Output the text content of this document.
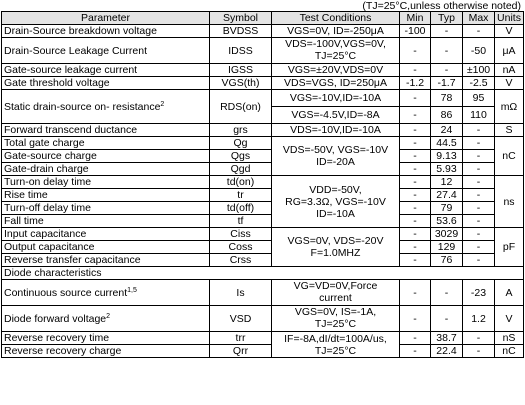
(TJ=25°C,unless otherwise noted)
Parameter	Symbol	Test Conditions	Min	Typ	Max	Units
Drain-Source breakdown voltage	BVDSS	VGS=0V, ID=-250μA	-100	-	-	V
Drain-Source Leakage Current	IDSS	VDS=-100V,VGS=0V,
TJ=25°C	-	-	-50	μA
Gate-source leakage current	IGSS	VGS=±20V,VDS=0V	-	-	±100	nA
Gate threshold voltage	VGS(th)	VDS=VGS, ID=250μA	-1.2	-1.7	-2.5	V
Static drain-source on- resistance$^2$	RDS(on)	VGS=-10V,ID=-10A	-	78	95	mΩ
		VGS=-4.5V,ID=-8A	-	86	110	
Forward transcend ductance	grs	VDS=-10V,ID=-10A	-	24	-	S
Total gate charge	Qg	VDS=-50V, VGS=-10V
ID=-20A	-	44.5	-	nC
Gate-source charge	Qgs		-	9.13	-	
Gate-drain charge	Qgd		-	5.93	-	
Turn-on delay time	td(on)	VDD=-50V,
RG=3.3Ω, VGS=-10V
ID=-10A	-	12	-	ns
Rise time	tr		-	27.4	-	
Turn-off delay time	td(off)		-	79	-	
Fall time	tf		-	53.6	-	
Input capacitance	Ciss	VGS=0V, VDS=-20V
F=1.0MHZ	-	3029	-	pF
Output capacitance	Coss		-	129	-	
Reverse transfer capacitance	Crss		-	76	-	
Diode characteristics						
Continuous source current$^{1,5}$	Is	VG=VD=0V,Force
current	-	-	-23	A
Diode forward voltage$^2$	VSD	VGS=0V, IS=-1A,
TJ=25°C	-	-	1.2	V
Reverse recovery time	trr	IF=-8A,dI/dt=100A/us,
TJ=25°C	-	38.7	-	nS
Reverse recovery charge	Qrr		-	22.4	-	nC
